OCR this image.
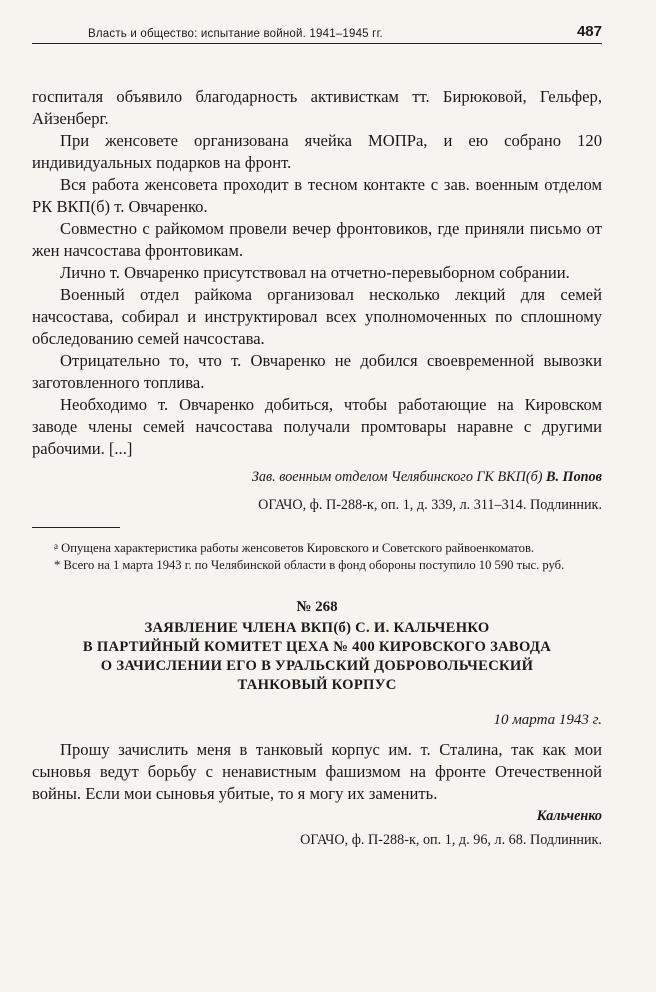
Власть и общество: испытание войной. 1941–1945 гг.	487

госпиталя объявило благодарность активисткам тт. Бирюковой, Гельфер, Айзенберг.

При женсовете организована ячейка МОПРа, и ею собрано 120 индивидуальных подарков на фронт.

Вся работа женсовета проходит в тесном контакте с зав. военным отделом РК ВКП(б) т. Овчаренко.

Совместно с райкомом провели вечер фронтовиков, где приняли письмо от жен начсостава фронтовикам.

Лично т. Овчаренко присутствовал на отчетно-перевыборном собрании.

Военный отдел райкома организовал несколько лекций для семей начсостава, собирал и инструктировал всех уполномоченных по сплошному обследованию семей начсостава.

Отрицательно то, что т. Овчаренко не добился своевременной вывозки заготовленного топлива.

Необходимо т. Овчаренко добиться, чтобы работающие на Кировском заводе члены семей начсостава получали промтовары наравне с другими рабочими. [...]

Зав. военным отделом Челябинского ГК ВКП(б) В. Попов

ОГАЧО, ф. П-288-к, оп. 1, д. 339, л. 311–314. Подлинник.

$^а$ Опущена характеристика работы женсоветов Кировского и Советского райвоенкоматов.

* Всего на 1 марта 1943 г. по Челябинской области в фонд обороны поступило 10 590 тыс. руб.

№ 268

ЗАЯВЛЕНИЕ ЧЛЕНА ВКП(б) С. И. КАЛЬЧЕНКО

В ПАРТИЙНЫЙ КОМИТЕТ ЦЕХА № 400 КИРОВСКОГО ЗАВОДА

О ЗАЧИСЛЕНИИ ЕГО В УРАЛЬСКИЙ ДОБРОВОЛЬЧЕСКИЙ

ТАНКОВЫЙ КОРПУС

10 марта 1943 г.

Прошу зачислить меня в танковый корпус им. т. Сталина, так как мои сыновья ведут борьбу с ненавистным фашизмом на фронте Отечественной войны. Если мои сыновья убитые, то я могу их заменить.

Кальченко

ОГАЧО, ф. П-288-к, оп. 1, д. 96, л. 68. Подлинник.
